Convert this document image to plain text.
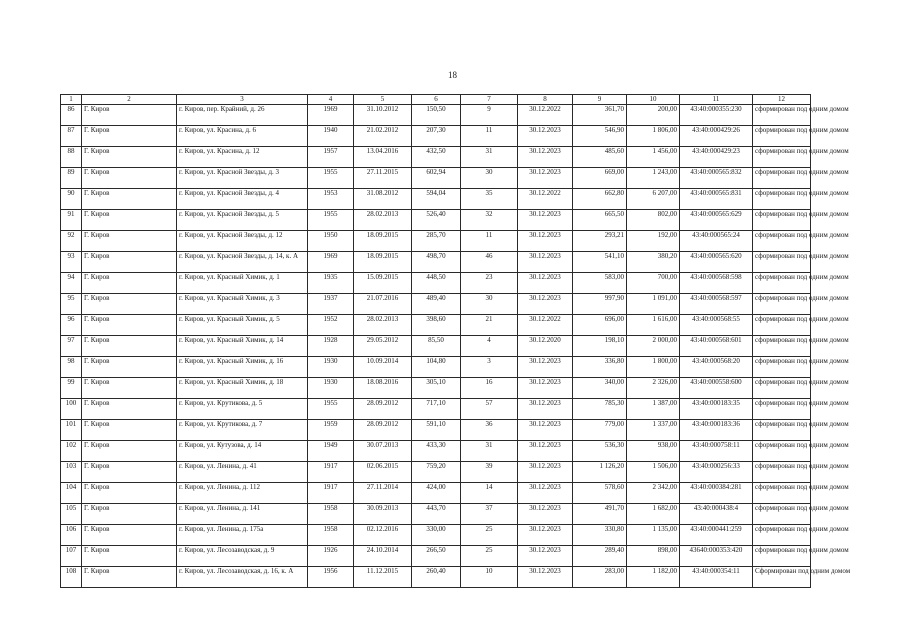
18
1	2	3	4	5	6	7	8	9	10	11	12
86	Г. Киров	г. Киров, пер. Крайний, д. 26	1969	31.10.2012	150,50	9	30.12.2022	361,70	200,00	43:40:000355:230	сформирован под одним домом
87	Г. Киров	г. Киров, ул. Красина, д. 6	1940	21.02.2012	207,30	11	30.12.2023	546,90	1 806,00	43:40:000429:26	сформирован под одним домом
88	Г. Киров	г. Киров, ул. Красина, д. 12	1957	13.04.2016	432,50	31	30.12.2023	485,60	1 456,00	43:40:000429:23	сформирован под одним домом
89	Г. Киров	г. Киров, ул. Красной Звезды, д. 3	1955	27.11.2015	602,94	30	30.12.2023	669,00	1 243,00	43:40:000565:832	сформирован под одним домом
90	Г. Киров	г. Киров, ул. Красной Звезды, д. 4	1953	31.08.2012	594,04	35	30.12.2022	662,80	6 207,00	43:40:000565:831	сформирован под одним домом
91	Г. Киров	г. Киров, ул. Красной Звезды, д. 5	1955	28.02.2013	526,40	32	30.12.2023	665,50	802,00	43:40:000565:629	сформирован под одним домом
92	Г. Киров	г. Киров, ул. Красной Звезды, д. 12	1950	18.09.2015	285,70	11	30.12.2023	293,21	192,00	43:40:000565:24	сформирован под одним домом
93	Г. Киров	г. Киров, ул. Красной Звезды, д. 14, к. А	1969	18.09.2015	498,70	46	30.12.2023	541,10	380,20	43:40:000565:620	сформирован под одним домом
94	Г. Киров	г. Киров, ул. Красный Химик, д. 1	1935	15.09.2015	448,50	23	30.12.2023	583,00	700,00	43:40:000568:598	сформирован под одним домом
95	Г. Киров	г. Киров, ул. Красный Химик, д. 3	1937	21.07.2016	489,40	30	30.12.2023	997,90	1 091,00	43:40:000568:597	сформирован под одним домом
96	Г. Киров	г. Киров, ул. Красный Химик, д. 5	1952	28.02.2013	398,60	21	30.12.2022	696,00	1 616,00	43:40:000568:55	сформирован под одним домом
97	Г. Киров	г. Киров, ул. Красный Химик, д. 14	1928	29.05.2012	85,50	4	30.12.2020	198,10	2 000,00	43:40:000568:601	сформирован под одним домом
98	Г. Киров	г. Киров, ул. Красный Химик, д. 16	1930	10.09.2014	104,80	3	30.12.2023	336,80	1 800,00	43:40:000568:20	сформирован под одним домом
99	Г. Киров	г. Киров, ул. Красный Химик, д. 18	1930	18.08.2016	305,10	16	30.12.2023	340,00	2 326,00	43:40:000558:600	сформирован под одним домом
100	Г. Киров	г. Киров, ул. Крутикова, д. 5	1955	28.09.2012	717,10	57	30.12.2023	785,30	1 387,00	43:40:000183:35	сформирован под одним домом
101	Г. Киров	г. Киров, ул. Крутикова, д. 7	1959	28.09.2012	591,10	36	30.12.2023	779,00	1 337,00	43:40:000183:36	сформирован под одним домом
102	Г. Киров	г. Киров, ул. Кутузова, д. 14	1949	30.07.2013	433,30	31	30.12.2023	536,30	938,00	43:40:000758:11	сформирован под одним домом
103	Г. Киров	г. Киров, ул. Ленина, д. 41	1917	02.06.2015	759,20	39	30.12.2023	1 126,20	1 506,00	43:40:000256:33	сформирован под одним домом
104	Г. Киров	г. Киров, ул. Ленина, д. 112	1917	27.11.2014	424,00	14	30.12.2023	578,60	2 342,00	43:40:000384:281	сформирован под одним домом
105	Г. Киров	г. Киров, ул. Ленина, д. 141	1958	30.09.2013	443,70	37	30.12.2023	491,70	1 682,00	43:40:000438:4	сформирован под одним домом
106	Г. Киров	г. Киров, ул. Ленина, д. 175а	1958	02.12.2016	330,00	25	30.12.2023	330,80	1 135,00	43:40:000441:259	сформирован под одним домом
107	Г. Киров	г. Киров, ул. Лесозаводская, д. 9	1926	24.10.2014	266,50	25	30.12.2023	289,40	898,00	43640:000353:420	сформирован под одним домом
108	Г. Киров	г. Киров, ул. Лесозаводская, д. 16, к. А	1956	11.12.2015	260,40	10	30.12.2023	283,00	1 182,00	43:40:000354:11	Сформирован под одним домом
